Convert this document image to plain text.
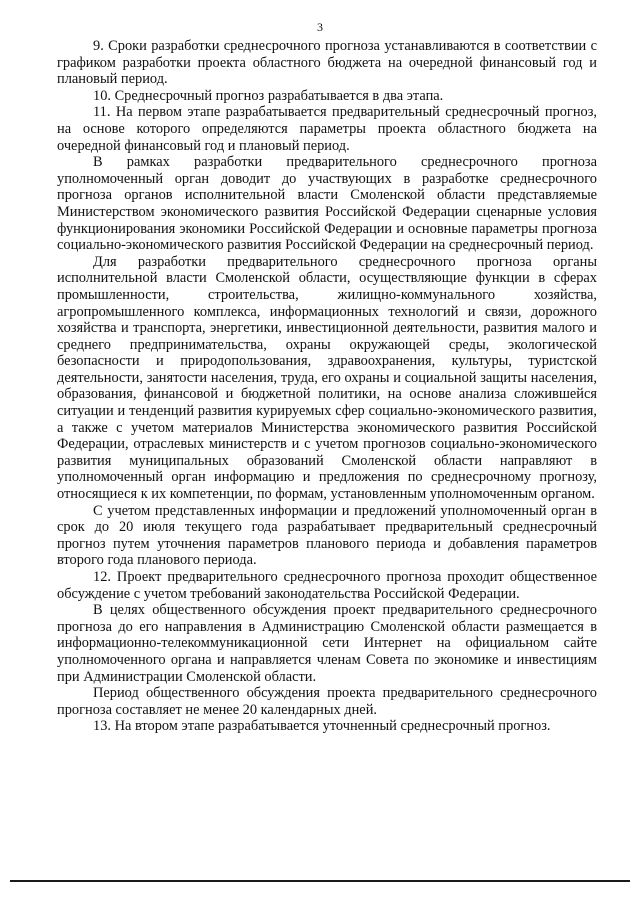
3

9. Сроки разработки среднесрочного прогноза устанавливаются в соответствии с графиком разработки проекта областного бюджета на очередной финансовый год и плановый период.

10. Среднесрочный прогноз разрабатывается в два этапа.

11. На первом этапе разрабатывается предварительный среднесрочный прогноз, на основе которого определяются параметры проекта областного бюджета на очередной финансовый год и плановый период.

В рамках разработки предварительного среднесрочного прогноза уполномоченный орган доводит до участвующих в разработке среднесрочного прогноза органов исполнительной власти Смоленской области представляемые Министерством экономического развития Российской Федерации сценарные условия функционирования экономики Российской Федерации и основные параметры прогноза социально-экономического развития Российской Федерации на среднесрочный период.

Для разработки предварительного среднесрочного прогноза органы исполнительной власти Смоленской области, осуществляющие функции в сферах промышленности, строительства, жилищно-коммунального хозяйства, агропромышленного комплекса, информационных технологий и связи, дорожного хозяйства и транспорта, энергетики, инвестиционной деятельности, развития малого и среднего предпринимательства, охраны окружающей среды, экологической безопасности и природопользования, здравоохранения, культуры, туристской деятельности, занятости населения, труда, его охраны и социальной защиты населения, образования, финансовой и бюджетной политики, на основе анализа сложившейся ситуации и тенденций развития курируемых сфер социально-экономического развития, а также с учетом материалов Министерства экономического развития Российской Федерации, отраслевых министерств и с учетом прогнозов социально-экономического развития муниципальных образований Смоленской области направляют в уполномоченный орган информацию и предложения по среднесрочному прогнозу, относящиеся к их компетенции, по формам, установленным уполномоченным органом.

С учетом представленных информации и предложений уполномоченный орган в срок до 20 июля текущего года разрабатывает предварительный среднесрочный прогноз путем уточнения параметров планового периода и добавления параметров второго года планового периода.

12. Проект предварительного среднесрочного прогноза проходит общественное обсуждение с учетом требований законодательства Российской Федерации.

В целях общественного обсуждения проект предварительного среднесрочного прогноза до его направления в Администрацию Смоленской области размещается в информационно-телекоммуникационной сети Интернет на официальном сайте уполномоченного органа и направляется членам Совета по экономике и инвестициям при Администрации Смоленской области.

Период общественного обсуждения проекта предварительного среднесрочного прогноза составляет не менее 20 календарных дней.

13. На втором этапе разрабатывается уточненный среднесрочный прогноз.
